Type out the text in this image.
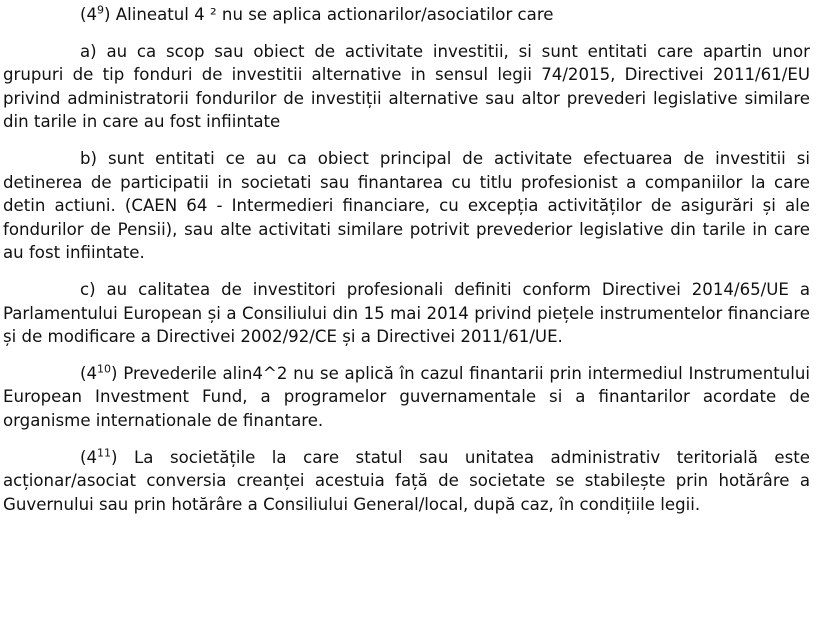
$(4^9)$ Alineatul 4 ² nu se aplica actionarilor/asociatilor care

a) au ca scop sau obiect de activitate investitii, si sunt entitati care apartin unor grupuri de tip fonduri de investitii alternative in sensul legii 74/2015, Directivei 2011/61/EU privind administratorii fondurilor de investiții alternative sau altor prevederi legislative similare din tarile in care au fost infiintate

b) sunt entitati ce au ca obiect principal de activitate efectuarea de investitii si detinerea de participatii in societati sau finantarea cu titlu profesionist a companiilor la care detin actiuni. (CAEN 64 - Intermedieri financiare, cu excepția activităților de asigurări și ale fondurilor de Pensii), sau alte activitati similare potrivit prevederior legislative din tarile in care au fost infiintate.

c) au calitatea de investitori profesionali definiti conform Directivei 2014/65/UE a Parlamentului European și a Consiliului din 15 mai 2014 privind piețele instrumentelor financiare și de modificare a Directivei 2002/92/CE și a Directivei 2011/61/UE.

$(4^{10})$ Prevederile alin4^2 nu se aplică în cazul finantarii prin intermediul Instrumentului European Investment Fund, a programelor guvernamentale si a finantarilor acordate de organisme internationale de finantare.

$(4^{11})$ La societățile la care statul sau unitatea administrativ teritorială este acționar/asociat conversia creanței acestuia față de societate se stabilește prin hotărâre a Guvernului sau prin hotărâre a Consiliului General/local, după caz, în condițiile legii.
